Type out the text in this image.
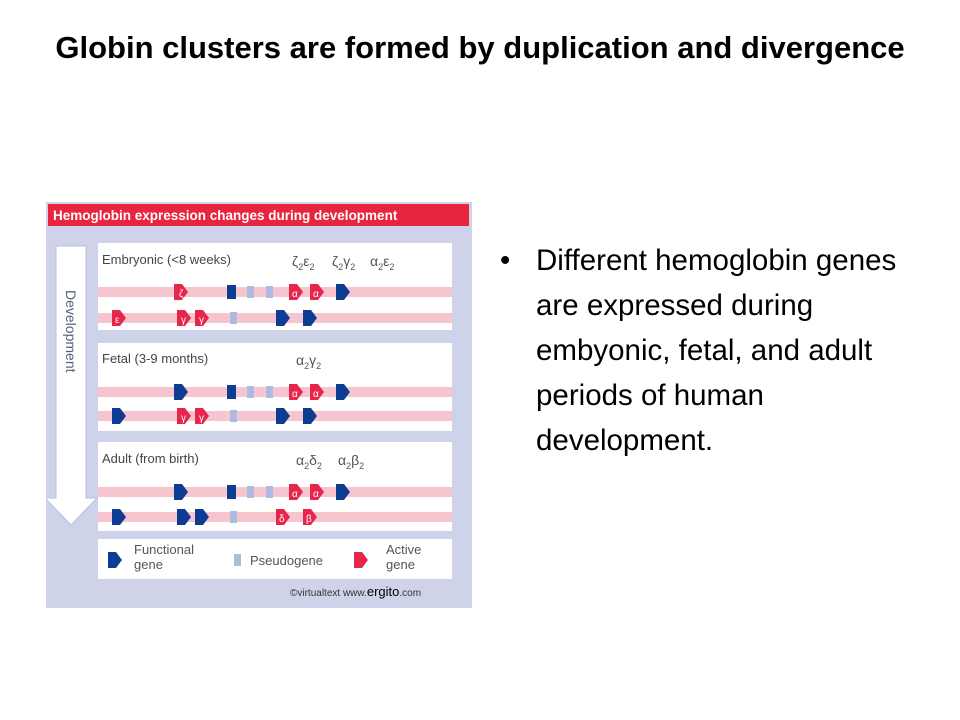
Globin clusters are formed by duplication and divergence
Hemoglobin expression changes during development
Development
Embryonic (<8 weeks)	$\zeta_2\varepsilon_2$ $\zeta_2\gamma_2$ $\alpha_2\varepsilon_2$
ζ	α α
ε	γ γ
Fetal (3-9 months)	$\alpha_2\gamma_2$
α α
γ γ
Adult (from birth)	$\alpha_2\delta_2$ $\alpha_2\beta_2$
α α
δ β
Functional gene	Pseudogene
Active gene
©virtualtext www.ergito.com
• Different hemoglobin genes are expressed during embyonic, fetal, and adult periods of human development.
